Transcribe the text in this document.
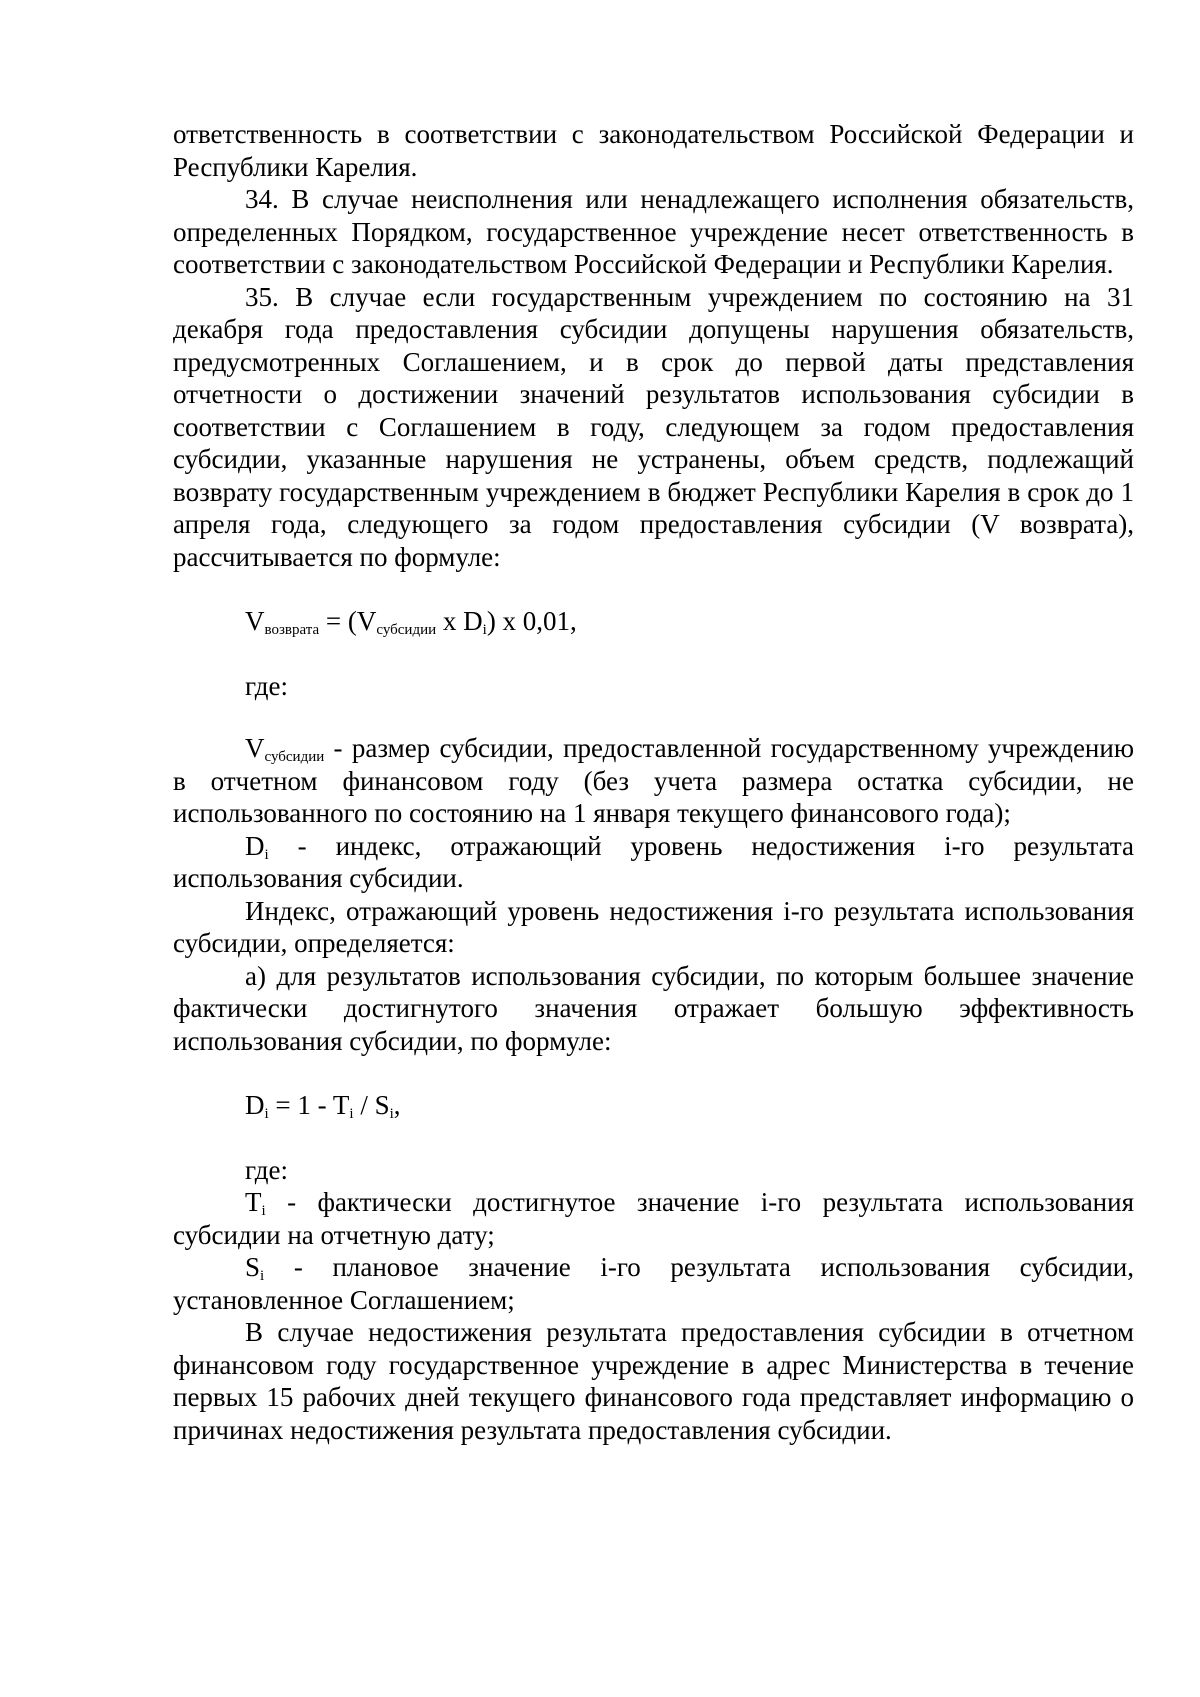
ответственность в соответствии с законодательством Российской Федерации и Республики Карелия.

34. В случае неисполнения или ненадлежащего исполнения обязательств, определенных Порядком, государственное учреждение несет ответственность в соответствии с законодательством Российской Федерации и Республики Карелия.

35. В случае если государственным учреждением по состоянию на 31 декабря года предоставления субсидии допущены нарушения обязательств, предусмотренных Соглашением, и в срок до первой даты представления отчетности о достижении значений результатов использования субсидии в соответствии с Соглашением в году, следующем за годом предоставления субсидии, указанные нарушения не устранены, объем средств, подлежащий возврату государственным учреждением в бюджет Республики Карелия в срок до 1 апреля года, следующего за годом предоставления субсидии (V возврата), рассчитывается по формуле:

$V_{возврата} = (V_{субсидии}$ x $D_i$) x 0,01,

где:

$V_{субсидии}$ - размер субсидии, предоставленной государственному учреждению в отчетном финансовом году (без учета размера остатка субсидии, не использованного по состоянию на 1 января текущего финансового года);

$D_i$ - индекс, отражающий уровень недостижения i-го результата использования субсидии.

Индекс, отражающий уровень недостижения i-го результата использования субсидии, определяется:

а) для результатов использования субсидии, по которым большее значение фактически достигнутого значения отражает большую эффективность использования субсидии, по формуле:

$D_i = 1 - T_i / S_i$,

где:

$T_i$ - фактически достигнутое значение i-го результата использования субсидии на отчетную дату;

$S_i$ - плановое значение i-го результата использования субсидии, установленное Соглашением;

В случае недостижения результата предоставления субсидии в отчетном финансовом году государственное учреждение в адрес Министерства в течение первых 15 рабочих дней текущего финансового года представляет информацию о причинах недостижения результата предоставления субсидии.
